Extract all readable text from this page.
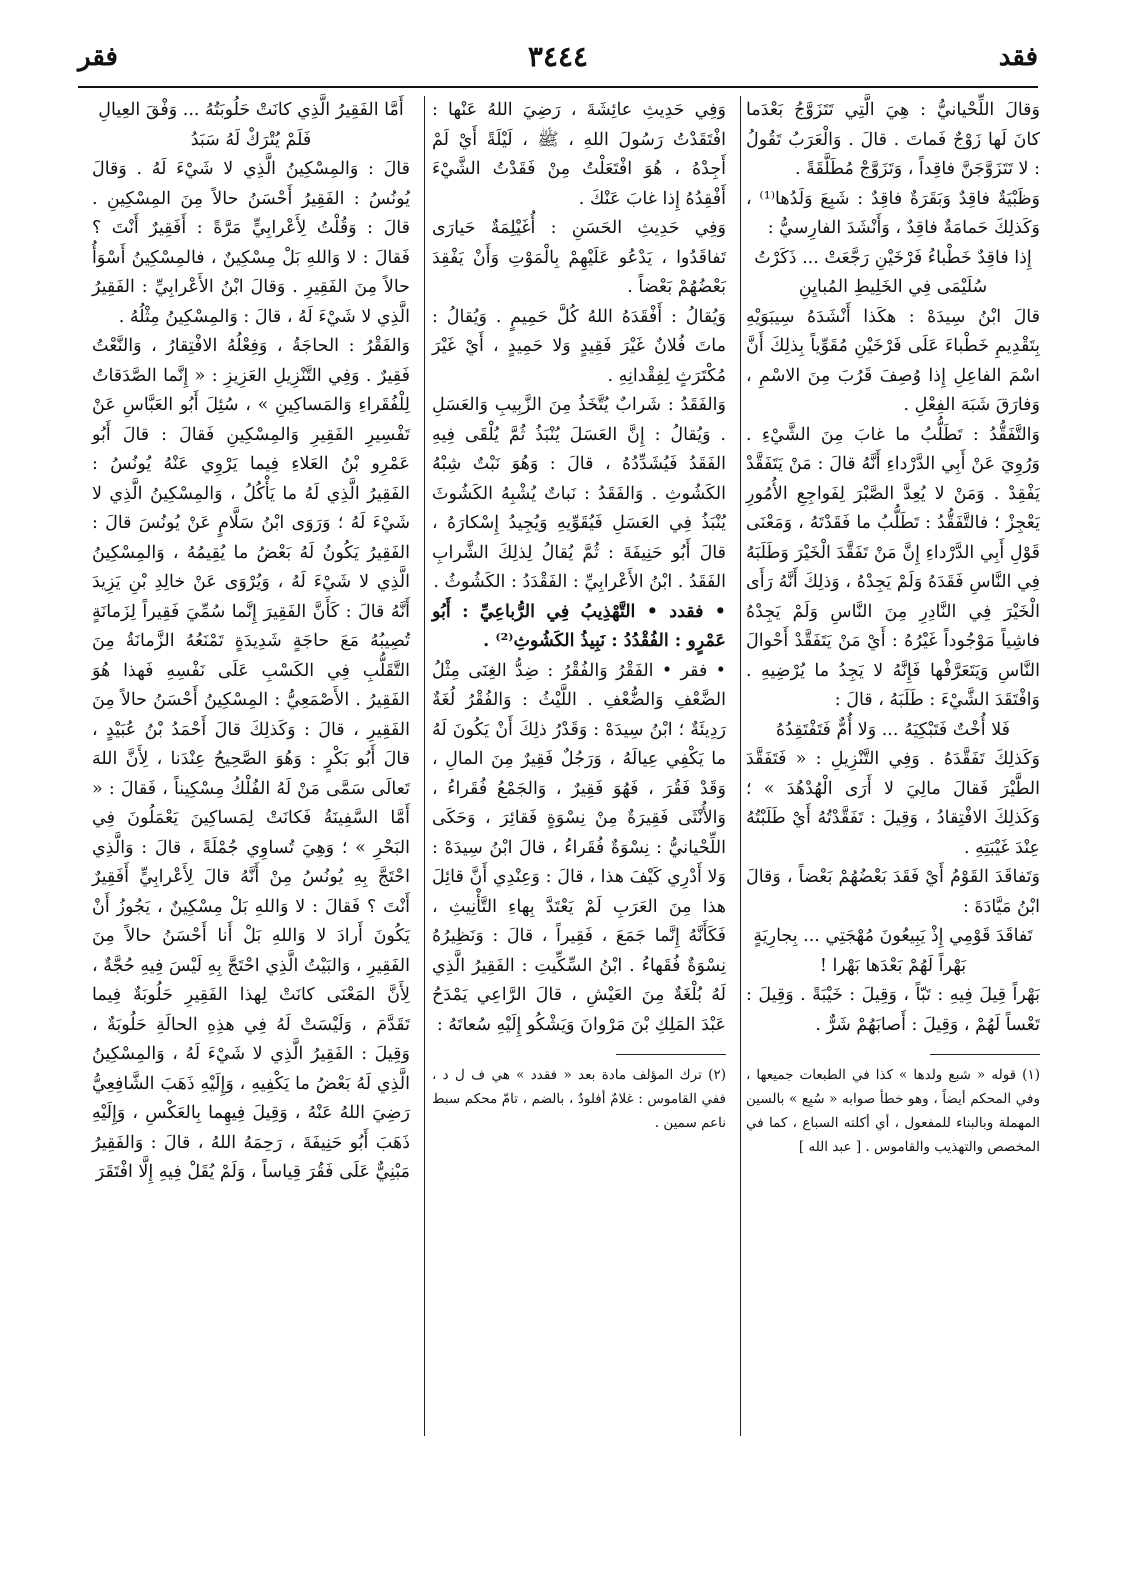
فقر	٣٤٤٤	فقد

وَقالَ اللِّحْيانيُّ : هِيَ الَّتِي تَتَزَوَّجُ بَعْدَما كانَ لَها زَوْجٌ فَماتَ . قالَ . وَالْعَرَبُ تَقُولُ : لا تَتَزَوَّجَنَّ فاقِداً ، وَتَزَوَّجْ مُطَلَّقَةً .

وَظَبْيَةٌ فاقِدٌ وَبَقَرَةٌ فاقِدٌ : شَبِعَ وَلَدُها⁽¹⁾ ، وَكَذلِكَ حَمامَةٌ فاقِدٌ ، وَأَنْشَدَ الفارِسيُّ :

إِذا فاقِدٌ خَطْباءُ فَرْخَيْنِ رَجَّعَتْ ... ذَكَرْتُ سُلَيْمَى فِي الخَلِيطِ المُبايِنِ

قالَ ابْنُ سِيدَهْ : هكَذا أَنْشَدَهُ سِيبَوَيْهِ بِتَقْدِيمِ خَطْباءَ عَلَى فَرْخَيْنِ مُقَوِّياً بِذلِكَ أَنَّ اسْمَ الفاعِلِ إِذا وُصِفَ قَرُبَ مِنَ الاسْمِ ، وَفارَقَ شَبَهَ الفِعْلِ .

وَالتَّفَقُّدُ : تَطَلُّبُ ما غابَ مِنَ الشَّيْءِ . وَرُوِيَ عَنْ أَبِي الدَّرْداءِ أَنَّهُ قالَ : مَنْ يَتَفَقَّدْ يَفْقِدْ . وَمَنْ لا يُعِدَّ الصَّبْرَ لِفَواجِعِ الأُمُورِ يَعْجِزْ ؛ فالتَّفَقُّدُ : تَطَلُّبُ ما فَقَدْتَهُ ، وَمَعْنَى قَوْلِ أَبِي الدَّرْداءِ إِنَّ مَنْ تَفَقَّدَ الْخَيْرَ وَطَلَبَهُ فِي النَّاسِ فَقَدَهُ وَلَمْ يَجِدْهُ ، وَذلِكَ أَنَّهُ رَأَى الْخَيْرَ فِي النَّادِرِ مِنَ النَّاسِ وَلَمْ يَجِدْهُ فاشِياً مَوْجُوداً غَيْرُهُ : أَيْ مَنْ يَتَفَقَّدْ أَحْوالَ النَّاسِ وَيَتَعَرَّفْها فَإِنَّهُ لا يَجِدُ ما يُرْضِيهِ . وَافْتَقَدَ الشَّيْءَ : طَلَبَهُ ، قالَ :

فَلا أُخْتٌ فَتَبْكِيَهُ ... وَلا أُمٌّ فَتَفْتَقِدُهُ

وَكَذلِكَ تَفَقَّدَهُ . وَفِي التَّنْزِيلِ : « فَتَفَقَّدَ الطَّيْرَ فَقالَ مالِيَ لا أَرَى الْهُدْهُدَ » ؛ وَكَذلِكَ الافْتِقادُ ، وَقِيلَ : تَفَقَّدْتُهُ أَيْ طَلَبْتُهُ عِنْدَ غَيْبَتِهِ .

وَتَفاقَدَ القَوْمُ أَيْ فَقَدَ بَعْضُهُمْ بَعْضاً ، وَقالَ ابْنُ مَيَّادَةَ :

تَفاقَدَ قَوْمِي إِذْ يَبِيعُونَ مُهْجَتِي ... بِجارِيَةٍ بَهْراً لَهُمْ بَعْدَها بَهْرا !

بَهْراً قِيلَ فِيهِ : تَبّاً ، وَقِيلَ : خَيْبَةً . وَقِيلَ : تَعْساً لَهُمْ ، وَقِيلَ : أَصابَهُمْ شَرٌّ .

(١) قوله « شبع ولدها » كذا في الطبعات جميعها ، وفي المحكم أيضاً ، وهو خطأ صوابه « سُبِع » بالسين المهملة وبالبناء للمفعول ، أي أكلته السباع ، كما في المخصص والتهذيب والقاموس . [ عبد الله ]

وَفِي حَدِيثِ عائِشَةَ ، رَضِيَ اللهُ عَنْها : افْتَقَدْتُ رَسُولَ اللهِ ، ﷺ ، لَيْلَةً أَيْ لَمْ أَجِدْهُ ، هُوَ افْتَعَلْتُ مِنْ فَقَدْتُ الشَّيْءَ أَفْقِدُهُ إِذا غابَ عَنْكَ .

وَفِي حَدِيثِ الحَسَنِ : أُغَيْلِمَةٌ حَيارَى تَفاقَدُوا ، يَدْعُو عَلَيْهِمْ بِالْمَوْتِ وَأَنْ يَفْقِدَ بَعْضُهُمْ بَعْضاً .

وَيُقالُ : أَفْقَدَهُ اللهُ كُلَّ حَمِيمٍ . وَيُقالُ : ماتَ فُلانٌ غَيْرَ فَقِيدٍ وَلا حَمِيدٍ ، أَيْ غَيْرَ مُكْتَرَثٍ لِفِقْدانِهِ .

وَالفَقَدُ : شَرابٌ يُتَّخَذُ مِنَ الزَّبِيبِ وَالعَسَلِ . وَيُقالُ : إِنَّ العَسَلَ يُنْبَذُ ثُمَّ يُلْقَى فِيهِ الفَقَدُ فَيُشَدِّدُهُ ، قالَ : وَهُوَ نَبْتٌ شِبْهُ الكَشُوثِ . وَالفَقَدُ : نَباتٌ يُشْبِهُ الكَشُوثَ يُنْبَذُ فِي العَسَلِ فَيُقَوِّيهِ وَيُجِيدُ إِسْكارَهُ ، قالَ أَبُو حَنِيفَةَ : ثُمَّ يُقالُ لِذلِكَ الشَّرابِ الفَقَدُ . ابْنُ الأَعْرابِيِّ : الفَقْدَدُ : الكَشُوثُ .

• فقدد • التَّهْذِيبُ فِي الرُّباعِيِّ : أَبُو عَمْرٍو : الفُقْدُدُ : نَبِيذُ الكَشُوثِ⁽²⁾ .

• فقر • الفَقْرُ وَالفُقْرُ : ضِدُّ الغِنَى مِثْلُ الضَّعْفِ وَالضُّعْفِ . اللَّيْثُ : وَالفُقْرُ لُغَةٌ رَدِيئَةٌ ؛ ابْنُ سِيدَهْ : وَقَدْرُ ذلِكَ أَنْ يَكُونَ لَهُ ما يَكْفِي عِيالَهُ ، وَرَجُلٌ فَقِيرٌ مِنَ المالِ ، وَقَدْ فَقُرَ ، فَهُوَ فَقِيرٌ ، وَالجَمْعُ فُقَراءُ ، وَالأُنْثَى فَقِيرَةٌ مِنْ نِسْوَةٍ فَقائِرَ ، وَحَكَى اللِّحْيانيُّ : نِسْوَةٌ فُقَراءُ ، قالَ ابْنُ سِيدَهْ : وَلا أَدْرِي كَيْفَ هذا ، قالَ : وَعِنْدِي أَنَّ قائِلَ هذا مِنَ العَرَبِ لَمْ يَعْتَدَّ بِهاءِ التَّأْنِيثِ ، فَكَأَنَّهُ إِنَّما جَمَعَ ، فَقِيراً ، قالَ : وَنَظِيرُهُ نِسْوَةٌ فُقَهاءُ . ابْنُ السِّكِّيتِ : الفَقِيرُ الَّذِي لَهُ بُلْغَةٌ مِنَ العَيْشِ ، قالَ الرَّاعِي يَمْدَحُ عَبْدَ المَلِكِ بْنَ مَرْوانَ وَيَشْكُو إِلَيْهِ سُعاتَهُ :

(٢) ترك المؤلف مادة بعد « فقدد » هي ف ل د ، ففي القاموس : غلامٌ أفلودٌ ، بالضم ، تامّ محكم سبط ناعم سمين .

أَمَّا الفَقِيرُ الَّذِي كانَتْ حَلُوبَتُهُ ... وَفْقَ العِيالِ فَلَمْ يُتْرَكْ لَهُ سَبَدُ

قالَ : وَالمِسْكِينُ الَّذِي لا شَيْءَ لَهُ . وَقالَ يُونُسُ : الفَقِيرُ أَحْسَنُ حالاً مِنَ المِسْكِينِ . قالَ : وَقُلْتُ لِأَعْرابِيٍّ مَرَّةً : أَفَقِيرٌ أَنْتَ ؟ فَقالَ : لا وَاللهِ بَلْ مِسْكِينٌ ، فالمِسْكِينُ أَسْوَأُ حالاً مِنَ الفَقِيرِ . وَقالَ ابْنُ الأَعْرابِيِّ : الفَقِيرُ الَّذِي لا شَيْءَ لَهُ ، قالَ : وَالمِسْكِينُ مِثْلُهُ .

وَالفَقْرُ : الحاجَةُ ، وَفِعْلُهُ الافْتِقارُ ، وَالنَّعْتُ فَقِيرٌ . وَفِي التَّنْزِيلِ العَزِيزِ : « إِنَّما الصَّدَقاتُ لِلْفُقَراءِ وَالمَساكِينِ » ، سُئِلَ أَبُو العَبَّاسِ عَنْ تَفْسِيرِ الفَقِيرِ وَالمِسْكِينِ فَقالَ : قالَ أَبُو عَمْرِو بْنُ العَلاءِ فِيما يَرْوِي عَنْهُ يُونُسُ : الفَقِيرُ الَّذِي لَهُ ما يَأْكُلُ ، وَالمِسْكِينُ الَّذِي لا شَيْءَ لَهُ ؛ وَرَوَى ابْنُ سَلَّامٍ عَنْ يُونُسَ قالَ : الفَقِيرُ يَكُونُ لَهُ بَعْضُ ما يُقِيمُهُ ، وَالمِسْكِينُ الَّذِي لا شَيْءَ لَهُ ، وَيُرْوَى عَنْ خالِدِ بْنِ يَزِيدَ أَنَّهُ قالَ : كَأَنَّ الفَقِيرَ إِنَّما سُمِّيَ فَقِيراً لِزَمانَةٍ تُصِيبُهُ مَعَ حاجَةٍ شَدِيدَةٍ تَمْنَعُهُ الزَّمانَةُ مِنَ التَّقَلُّبِ فِي الكَسْبِ عَلَى نَفْسِهِ فَهذا هُوَ الفَقِيرُ . الأَصْمَعِيُّ : المِسْكِينُ أَحْسَنُ حالاً مِنَ الفَقِيرِ ، قالَ : وَكَذلِكَ قالَ أَحْمَدُ بْنُ عُبَيْدٍ ، قالَ أَبُو بَكْرٍ : وَهُوَ الصَّحِيحُ عِنْدَنا ، لِأَنَّ اللهَ تَعالَى سَمَّى مَنْ لَهُ الفُلْكُ مِسْكِيناً ، فَقالَ : « أَمَّا السَّفِينَةُ فَكانَتْ لِمَساكِينَ يَعْمَلُونَ فِي البَحْرِ » ؛ وَهِيَ تُساوِي جُمْلَةً ، قالَ : وَالَّذِي احْتَجَّ بِهِ يُونُسُ مِنْ أَنَّهُ قالَ لِأَعْرابِيٍّ أَفَقِيرٌ أَنْتَ ؟ فَقالَ : لا وَاللهِ بَلْ مِسْكِينٌ ، يَجُوزُ أَنْ يَكُونَ أَرادَ لا وَاللهِ بَلْ أَنا أَحْسَنُ حالاً مِنَ الفَقِيرِ ، وَالبَيْتُ الَّذِي احْتَجَّ بِهِ لَيْسَ فِيهِ حُجَّةٌ ، لِأَنَّ المَعْنَى كانَتْ لِهذا الفَقِيرِ حَلُوبَةٌ فِيما تَقَدَّمَ ، وَلَيْسَتْ لَهُ فِي هذِهِ الحالَةِ حَلُوبَةٌ ، وَقِيلَ : الفَقِيرُ الَّذِي لا شَيْءَ لَهُ ، وَالمِسْكِينُ الَّذِي لَهُ بَعْضُ ما يَكْفِيهِ ، وَإِلَيْهِ ذَهَبَ الشَّافِعِيُّ رَضِيَ اللهُ عَنْهُ ، وَقِيلَ فِيهِما بِالعَكْسِ ، وَإِلَيْهِ ذَهَبَ أَبُو حَنِيفَةَ ، رَحِمَهُ اللهُ ، قالَ : وَالفَقِيرُ مَبْنِيٌّ عَلَى فَقُرَ قِياساً ، وَلَمْ يُقَلْ فِيهِ إِلَّا افْتَقَرَ
